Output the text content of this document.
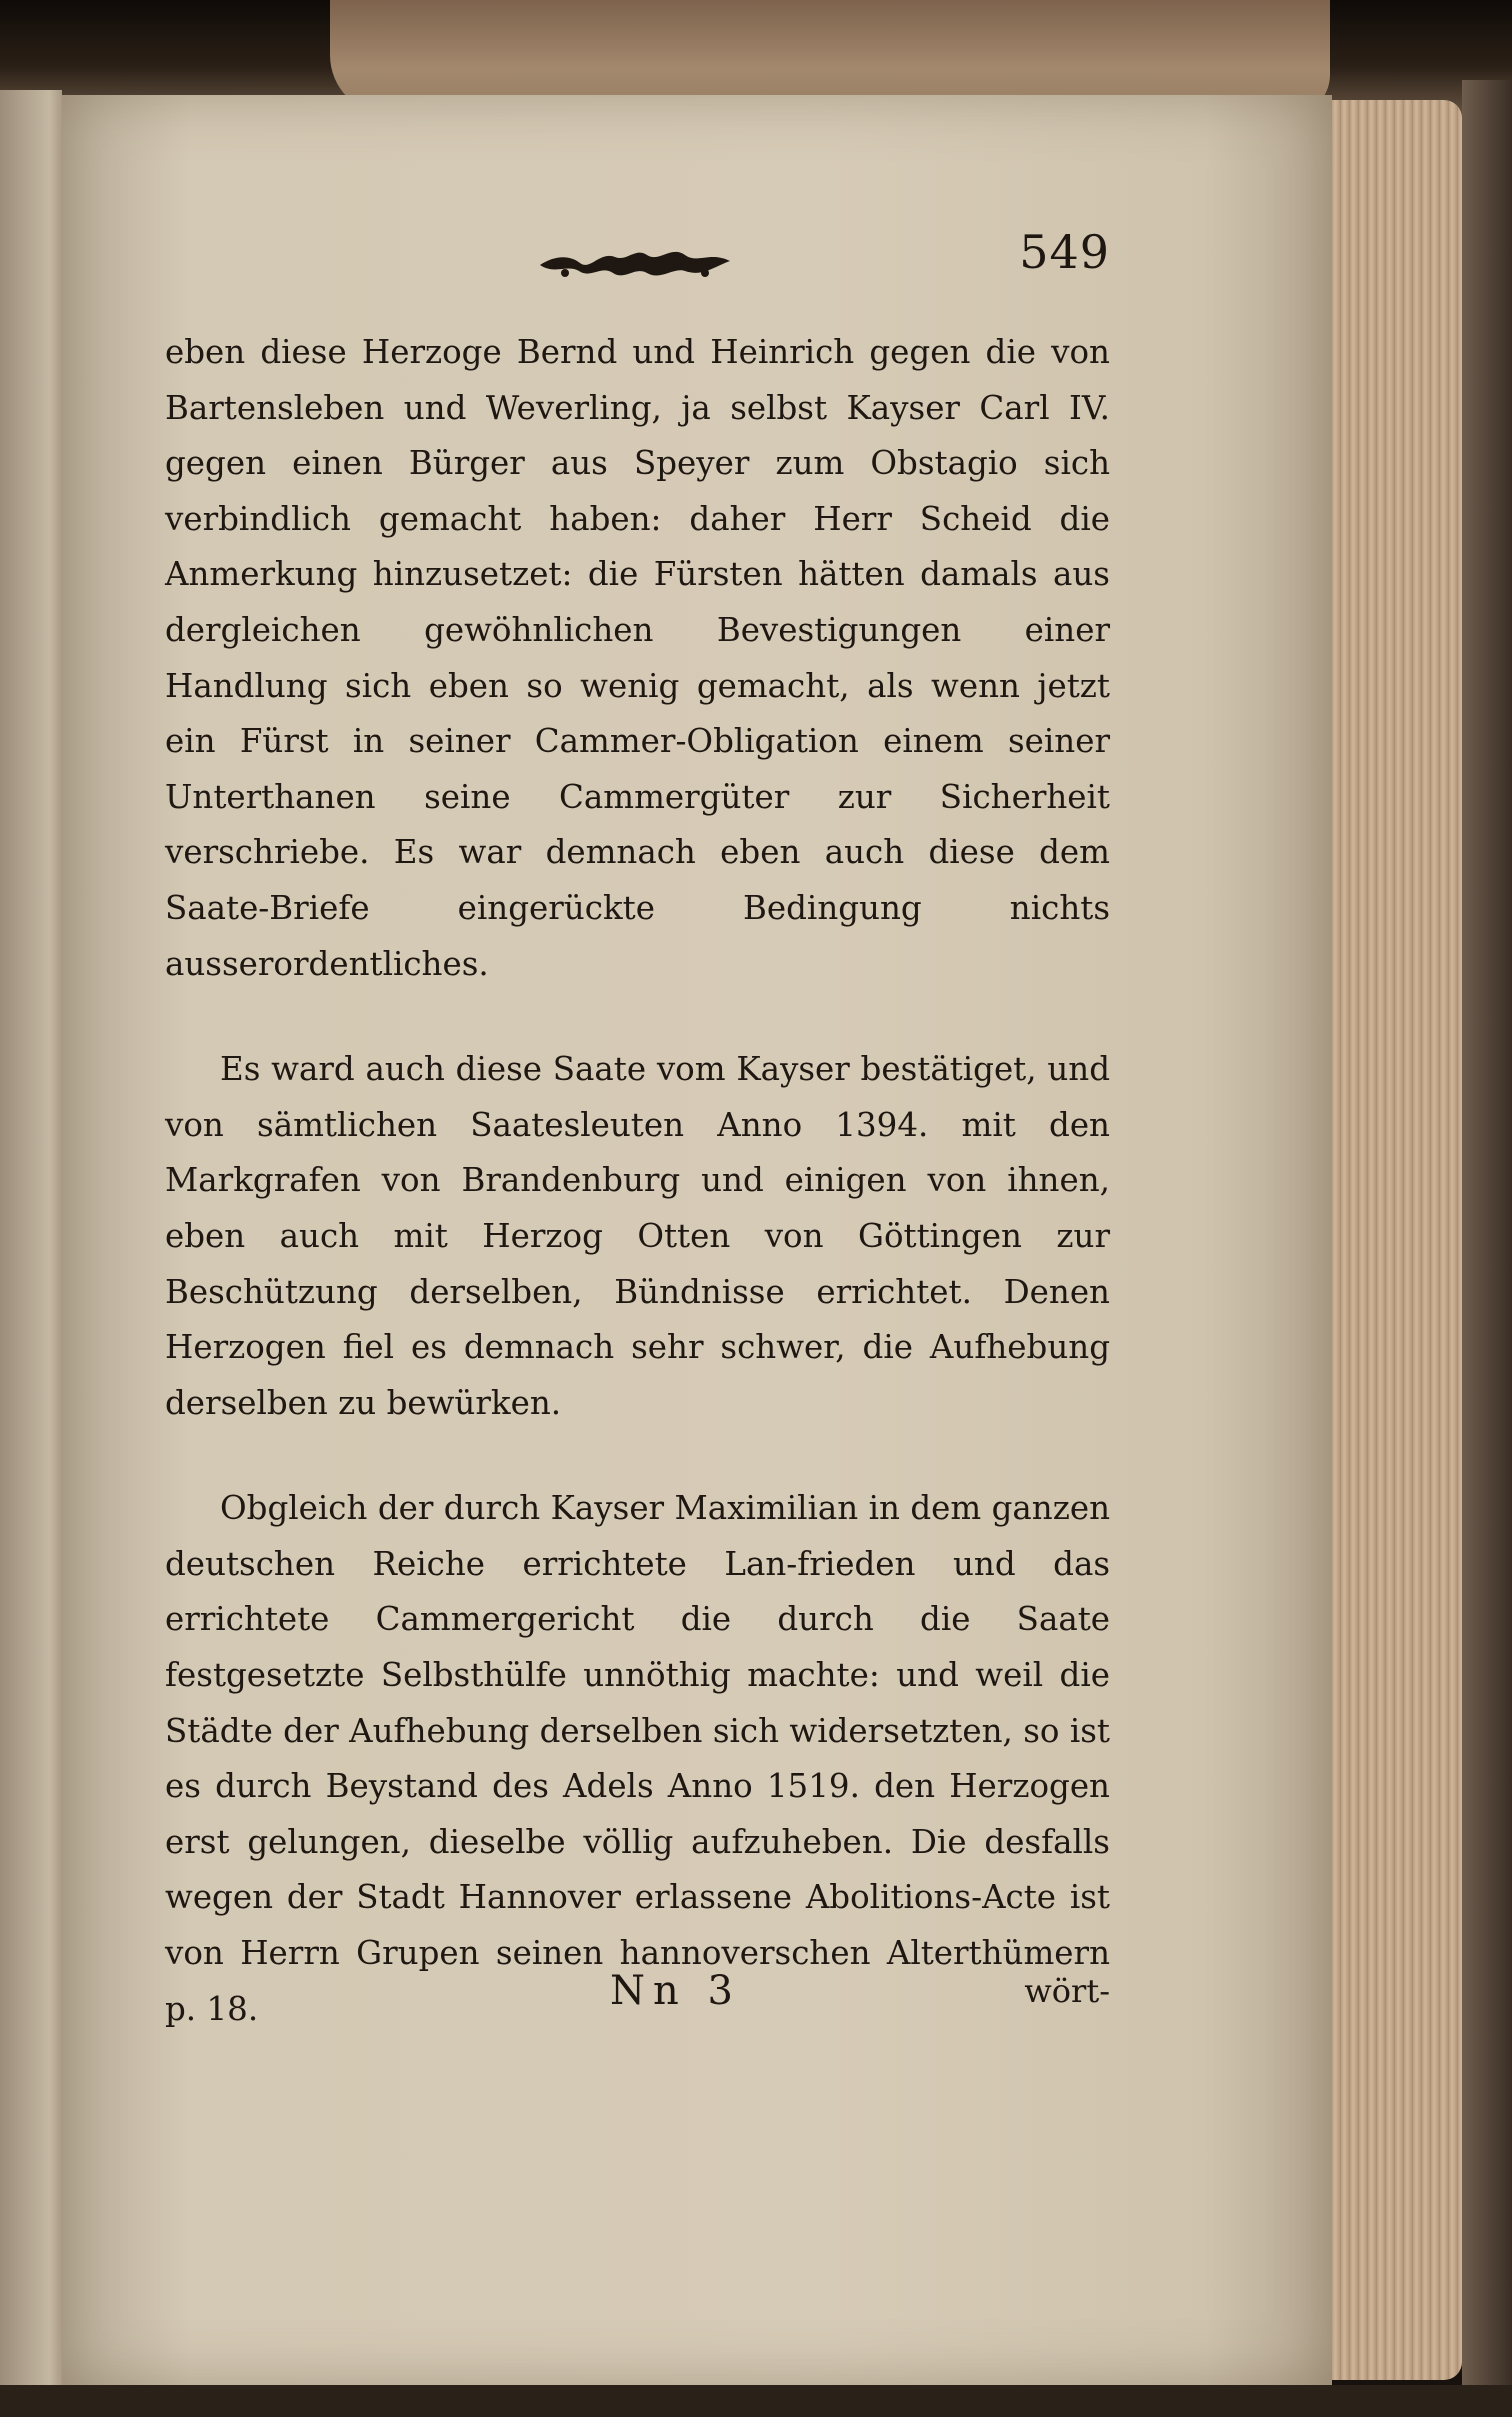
549

eben diese Herzoge Bernd und Heinrich gegen die von Bartensleben und Weverling, ja selbst Kayser Carl IV. gegen einen Bürger aus Speyer zum Obstagio sich verbindlich gemacht haben: daher Herr Scheid die Anmerkung hinzusetzet: die Fürsten hätten damals aus dergleichen gewöhnlichen Bevestigungen einer Handlung sich eben so wenig gemacht, als wenn jetzt ein Fürst in seiner Cammer-Obligation einem seiner Unterthanen seine Cammergüter zur Sicherheit verschriebe. Es war demnach eben auch diese dem Saate-Briefe eingerückte Bedingung nichts ausserordentliches.

Es ward auch diese Saate vom Kayser bestätiget, und von sämtlichen Saatesleuten Anno 1394. mit den Markgrafen von Brandenburg und einigen von ihnen, eben auch mit Herzog Otten von Göttingen zur Beschützung derselben, Bündnisse errichtet. Denen Herzogen fiel es demnach sehr schwer, die Aufhebung derselben zu bewürken.

Obgleich der durch Kayser Maximilian in dem ganzen deutschen Reiche errichtete Lan-frieden und das errichtete Cammergericht die durch die Saate festgesetzte Selbsthülfe unnöthig machte: und weil die Städte der Aufhebung derselben sich widersetzten, so ist es durch Beystand des Adels Anno 1519. den Herzogen erst gelungen, dieselbe völlig aufzuheben. Die desfalls wegen der Stadt Hannover erlassene Abolitions-Acte ist von Herrn Grupen seinen hannoverschen Alterthümern p. 18.	Nn 3	wört-
